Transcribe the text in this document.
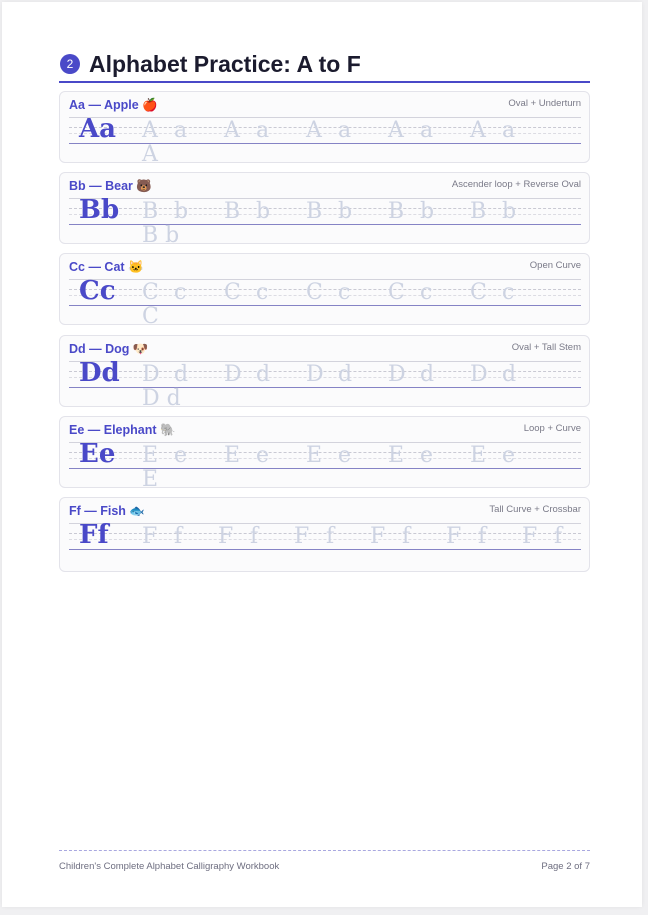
2 Alphabet Practice: A to F
Aa — Apple 🍎	Oval + Underturn
Aa A a A a A a A a A a
A
Bb — Bear 🐻	Ascender loop + Reverse Oval
Bb B b B b B b B b B b
B b
Cc — Cat 🐱	Open Curve
Cc C c C c C c C c C c
C
Dd — Dog 🐶	Oval + Tall Stem
Dd D d D d D d D d D d
D d
Ee — Elephant 🐘	Loop + Curve
Ee E e E e E e E e E e
E
Ff — Fish 🐟	Tall Curve + Crossbar
Ff F f F f F f F f F f F f
Children's Complete Alphabet Calligraphy Workbook	Page 2 of 7
